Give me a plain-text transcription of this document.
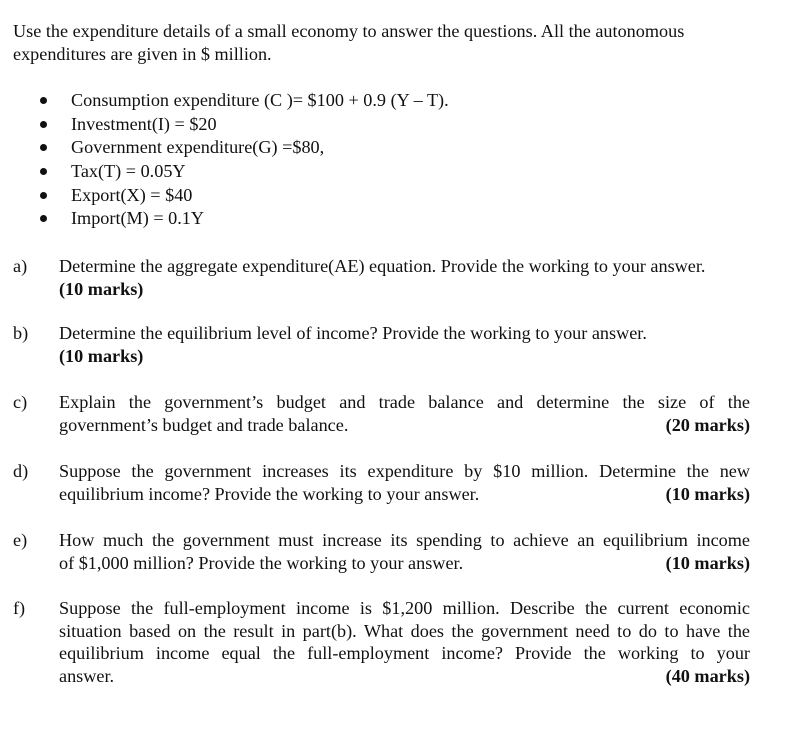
Use the expenditure details of a small economy to answer the questions. All the autonomous expenditures are given in $ million.

Consumption expenditure (C )= $100 + 0.9 (Y – T).
Investment(I) = $20
Government expenditure(G) =$80,
Tax(T) = 0.05Y
Export(X) = $40
Import(M) = 0.1Y
a)	Determine the aggregate expenditure(AE) equation. Provide the working to your answer.
(10 marks)
b)	Determine the equilibrium level of income? Provide the working to your answer.
(10 marks)
c)	Explain the government’s budget and trade balance and determine the size of the
government’s budget and trade balance.	(20 marks)
d)	Suppose the government increases its expenditure by $10 million. Determine the new
equilibrium income? Provide the working to your answer.	(10 marks)
e)	How much the government must increase its spending to achieve an equilibrium income
of $1,000 million? Provide the working to your answer.	(10 marks)
f)	Suppose the full-employment income is $1,200 million. Describe the current economic situation based on the result in part(b). What does the government need to do to have the equilibrium income equal the full-employment income? Provide the working to your
answer.	(40 marks)
